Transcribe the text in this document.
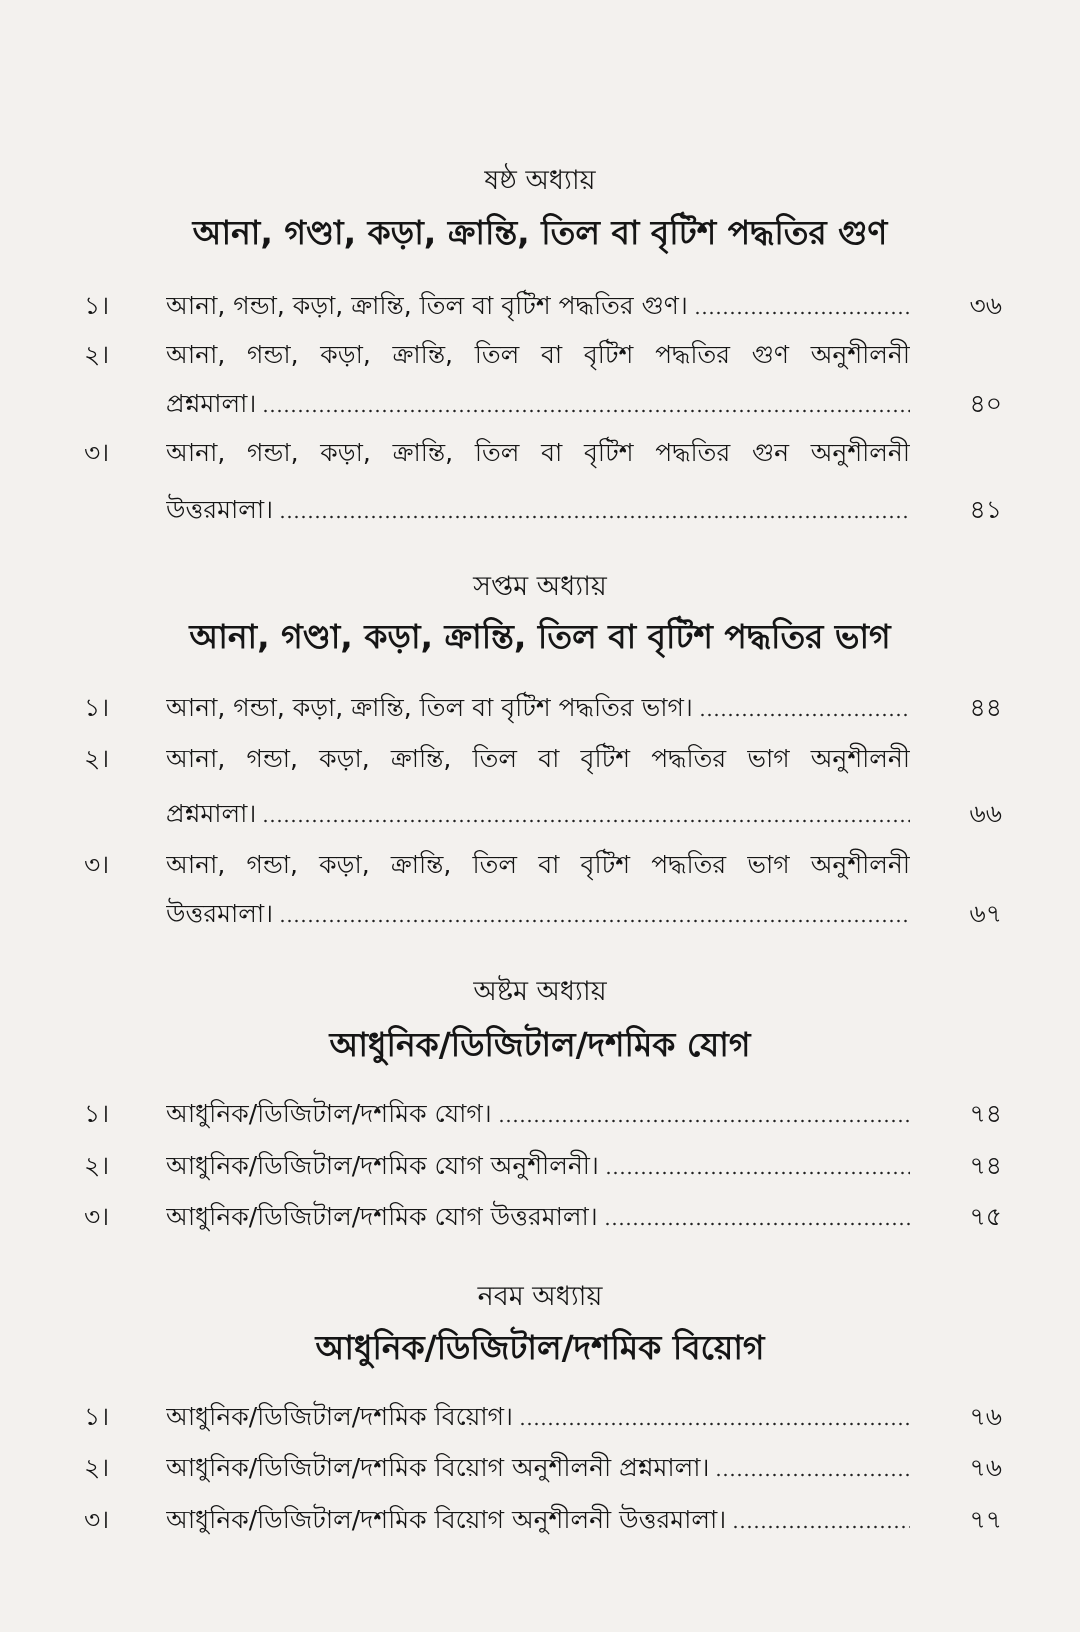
ষষ্ঠ অধ্যায়
আনা, গণ্ডা, কড়া, ক্রান্তি, তিল বা বৃটিশ পদ্ধতির গুণ
১।	আনা, গন্ডা, কড়া, ক্রান্তি, তিল বা বৃটিশ পদ্ধতির গুণ।	৩৬
২।	আনা, গন্ডা, কড়া, ক্রান্তি, তিল বা বৃটিশ পদ্ধতির গুণ অনুশীলনী
প্রশ্নমালা।	৪০
৩।	আনা, গন্ডা, কড়া, ক্রান্তি, তিল বা বৃটিশ পদ্ধতির গুন অনুশীলনী
উত্তরমালা।	৪১
সপ্তম অধ্যায়
আনা, গণ্ডা, কড়া, ক্রান্তি, তিল বা বৃটিশ পদ্ধতির ভাগ
১।	আনা, গন্ডা, কড়া, ক্রান্তি, তিল বা বৃটিশ পদ্ধতির ভাগ।	৪৪
২।	আনা, গন্ডা, কড়া, ক্রান্তি, তিল বা বৃটিশ পদ্ধতির ভাগ অনুশীলনী
প্রশ্নমালা।	৬৬
৩।	আনা, গন্ডা, কড়া, ক্রান্তি, তিল বা বৃটিশ পদ্ধতির ভাগ অনুশীলনী
উত্তরমালা।	৬৭
অষ্টম অধ্যায়
আধুনিক/ডিজিটাল/দশমিক যোগ
১।	আধুনিক/ডিজিটাল/দশমিক যোগ।	৭৪
২।	আধুনিক/ডিজিটাল/দশমিক যোগ অনুশীলনী।	৭৪
৩।	আধুনিক/ডিজিটাল/দশমিক যোগ উত্তরমালা।	৭৫
নবম অধ্যায়
আধুনিক/ডিজিটাল/দশমিক বিয়োগ
১।	আধুনিক/ডিজিটাল/দশমিক বিয়োগ।	৭৬
২।	আধুনিক/ডিজিটাল/দশমিক বিয়োগ অনুশীলনী প্রশ্নমালা।	৭৬
৩।	আধুনিক/ডিজিটাল/দশমিক বিয়োগ অনুশীলনী উত্তরমালা।	৭৭
